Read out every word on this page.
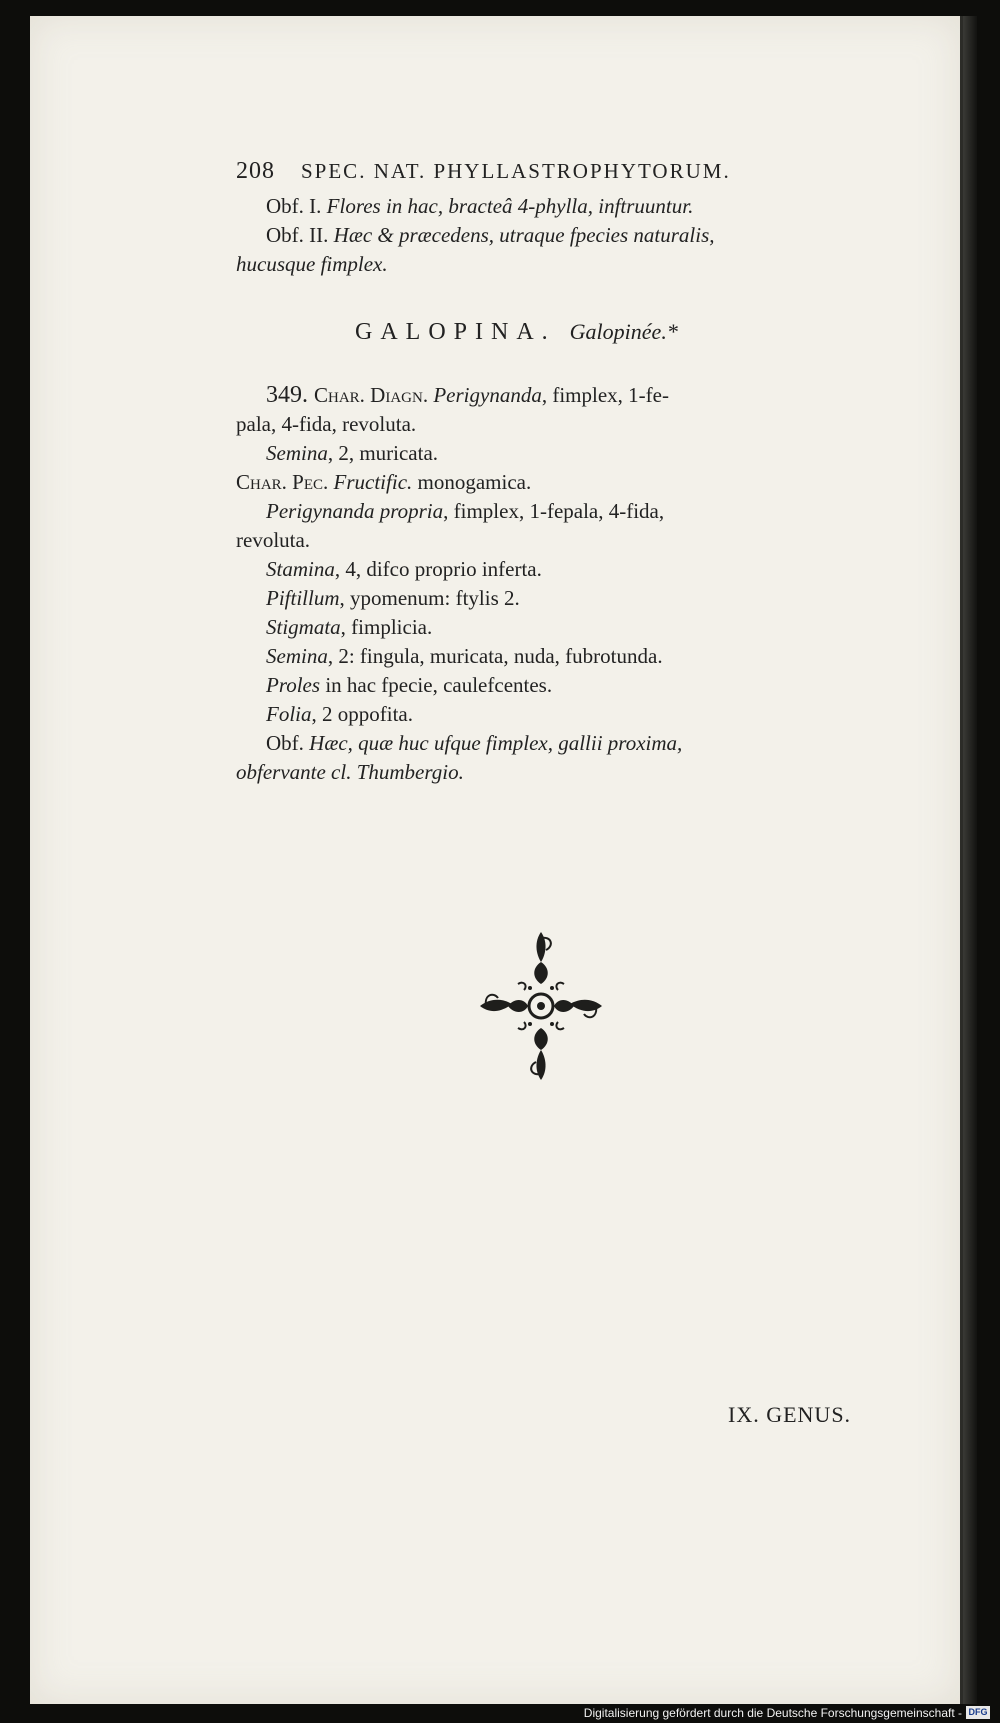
208 SPEC. NAT. PHYLLASTROPHYTORUM.
Obf. I. Flores in hac, bracteâ 4-phylla, inftruuntur.
Obf. II. Hæc & præcedens, utraque fpecies naturalis,
hucusque fimplex.
GALOPINA. Galopinée.*
349. Char. Diagn. Perigynanda, fimplex, 1-fe-
pala, 4-fida, revoluta.
Semina, 2, muricata.
Char. Pec. Fructific. monogamica.
Perigynanda propria, fimplex, 1-fepala, 4-fida,
revoluta.
Stamina, 4, difco proprio inferta.
Piftillum, ypomenum: ftylis 2.
Stigmata, fimplicia.
Semina, 2: fingula, muricata, nuda, fubrotunda.
Proles in hac fpecie, caulefcentes.
Folia, 2 oppofita.
Obf. Hæc, quæ huc ufque fimplex, gallii proxima,
obfervante cl. Thumbergio.
IX. GENUS.
Digitalisierung gefördert durch die Deutsche Forschungsgemeinschaft - DFG
